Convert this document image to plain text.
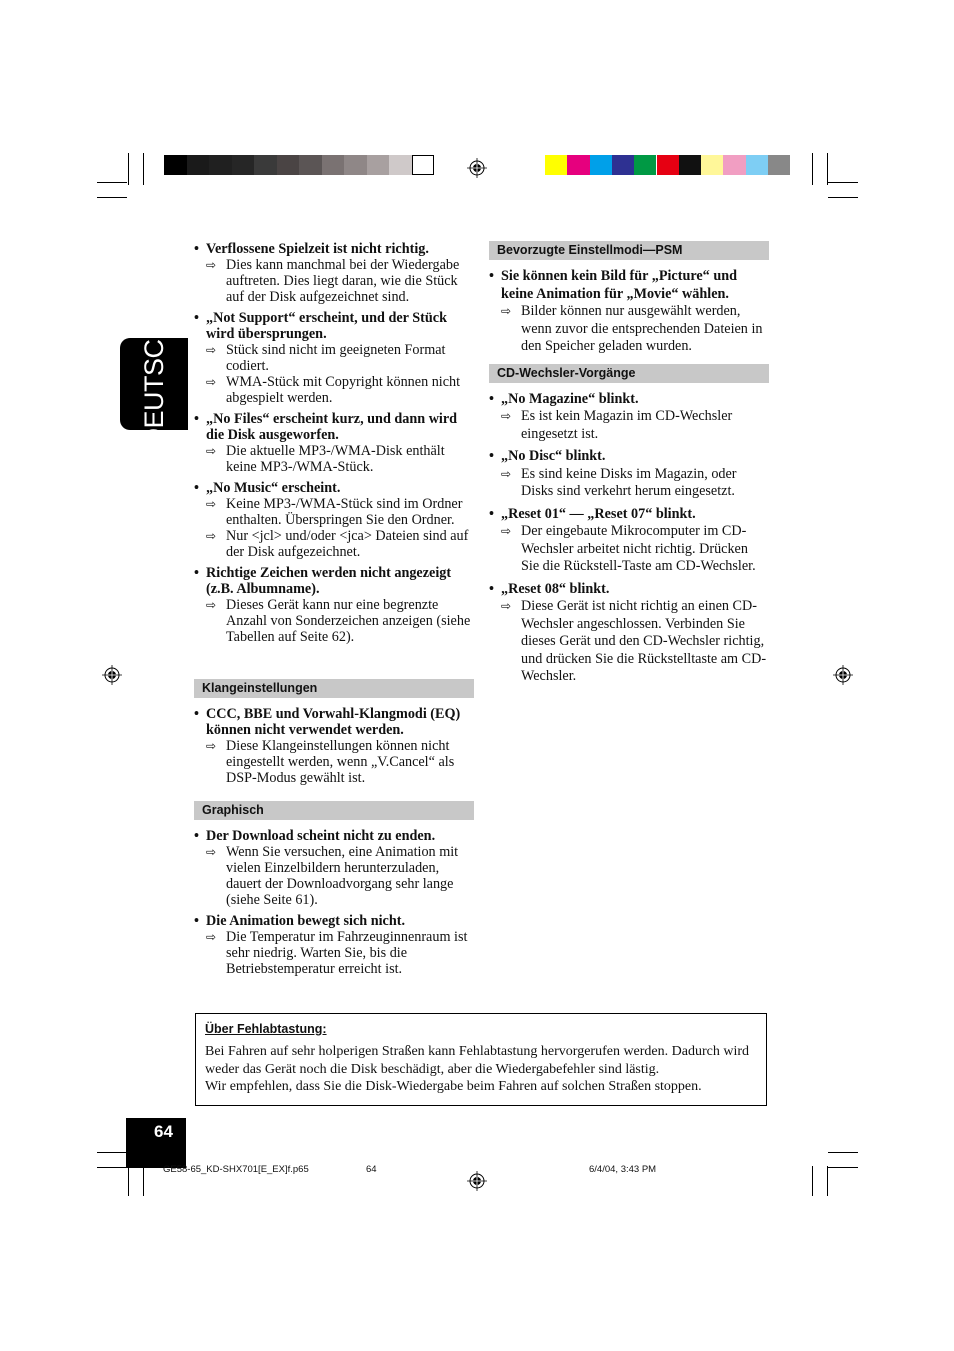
DEUTSCH
• Verflossene Spielzeit ist nicht richtig.
⇨ Dies kann manchmal bei der Wiedergabe auftreten. Dies liegt daran, wie die Stück auf der Disk aufgezeichnet sind.
• „Not Support“ erscheint, und der Stück wird übersprungen.
⇨ Stück sind nicht im geeigneten Format codiert.
⇨ WMA-Stück mit Copyright können nicht abgespielt werden.
• „No Files“ erscheint kurz, und dann wird die Disk ausgeworfen.
⇨ Die aktuelle MP3-/WMA-Disk enthält keine MP3-/WMA-Stück.
• „No Music“ erscheint.
⇨ Keine MP3-/WMA-Stück sind im Ordner enthalten. Überspringen Sie den Ordner.
⇨ Nur <jcl> und/oder <jca> Dateien sind auf der Disk aufgezeichnet.
• Richtige Zeichen werden nicht angezeigt (z.B. Albumname).
⇨ Dieses Gerät kann nur eine begrenzte Anzahl von Sonderzeichen anzeigen (siehe Tabellen auf Seite 62).
Klangeinstellungen
• CCC, BBE und Vorwahl-Klangmodi (EQ) können nicht verwendet werden.
⇨ Diese Klangeinstellungen können nicht eingestellt werden, wenn „V.Cancel“ als DSP-Modus gewählt ist.
Graphisch
• Der Download scheint nicht zu enden.
⇨ Wenn Sie versuchen, eine Animation mit vielen Einzelbildern herunterzuladen, dauert der Downloadvorgang sehr lange (siehe Seite 61).
• Die Animation bewegt sich nicht.
⇨ Die Temperatur im Fahrzeuginnenraum ist sehr niedrig. Warten Sie, bis die Betriebstemperatur erreicht ist.
Bevorzugte Einstellmodi—PSM
• Sie können kein Bild für „Picture“ und keine Animation für „Movie“ wählen.
⇨ Bilder können nur ausgewählt werden, wenn zuvor die entsprechenden Dateien in den Speicher geladen wurden.
CD-Wechsler-Vorgänge
• „No Magazine“ blinkt.
⇨ Es ist kein Magazin im CD-Wechsler eingesetzt ist.
• „No Disc“ blinkt.
⇨ Es sind keine Disks im Magazin, oder Disks sind verkehrt herum eingesetzt.
• „Reset 01“ — „Reset 07“ blinkt.
⇨ Der eingebaute Mikrocomputer im CD-Wechsler arbeitet nicht richtig. Drücken Sie die Rückstell-Taste am CD-Wechsler.
• „Reset 08“ blinkt.
⇨ Diese Gerät ist nicht richtig an einen CD-Wechsler angeschlossen. Verbinden Sie dieses Gerät und den CD-Wechsler richtig, und drücken Sie die Rückstelltaste am CD-Wechsler.
Über Fehlabtastung:
Bei Fahren auf sehr holperigen Straßen kann Fehlabtastung hervorgerufen werden. Dadurch wird weder das Gerät noch die Disk beschädigt, aber die Wiedergabefehler sind lästig.
Wir empfehlen, dass Sie die Disk-Wiedergabe beim Fahren auf solchen Straßen stoppen.
64
GE58-65_KD-SHX701[E_EX]f.p65	64	6/4/04, 3:43 PM
